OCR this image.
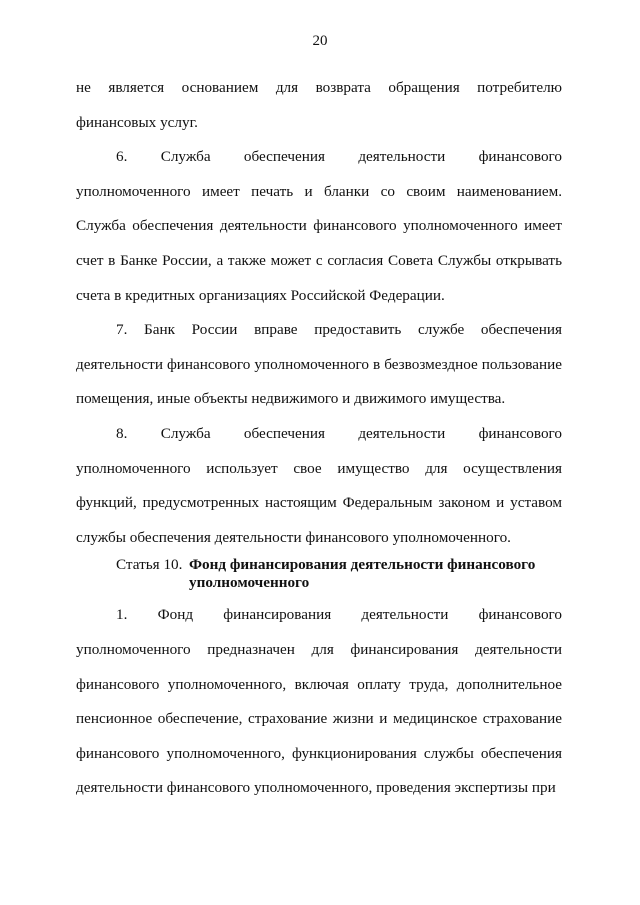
20

не является основанием для возврата обращения потребителю финансовых услуг.

6. Служба обеспечения деятельности финансового уполномоченного имеет печать и бланки со своим наименованием. Служба обеспечения деятельности финансового уполномоченного имеет счет в Банке России, а также может с согласия Совета Службы открывать счета в кредитных организациях Российской Федерации.

7. Банк России вправе предоставить службе обеспечения деятельности финансового уполномоченного в безвозмездное пользование помещения, иные объекты недвижимого и движимого имущества.

8. Служба обеспечения деятельности финансового уполномоченного использует свое имущество для осуществления функций, предусмотренных настоящим Федеральным законом и уставом службы обеспечения деятельности финансового уполномоченного.

Статья 10. Фонд финансирования деятельности финансового уполномоченного

1. Фонд финансирования деятельности финансового уполномоченного предназначен для финансирования деятельности финансового уполномоченного, включая оплату труда, дополнительное пенсионное обеспечение, страхование жизни и медицинское страхование финансового уполномоченного, функционирования службы обеспечения деятельности финансового уполномоченного, проведения экспертизы при
